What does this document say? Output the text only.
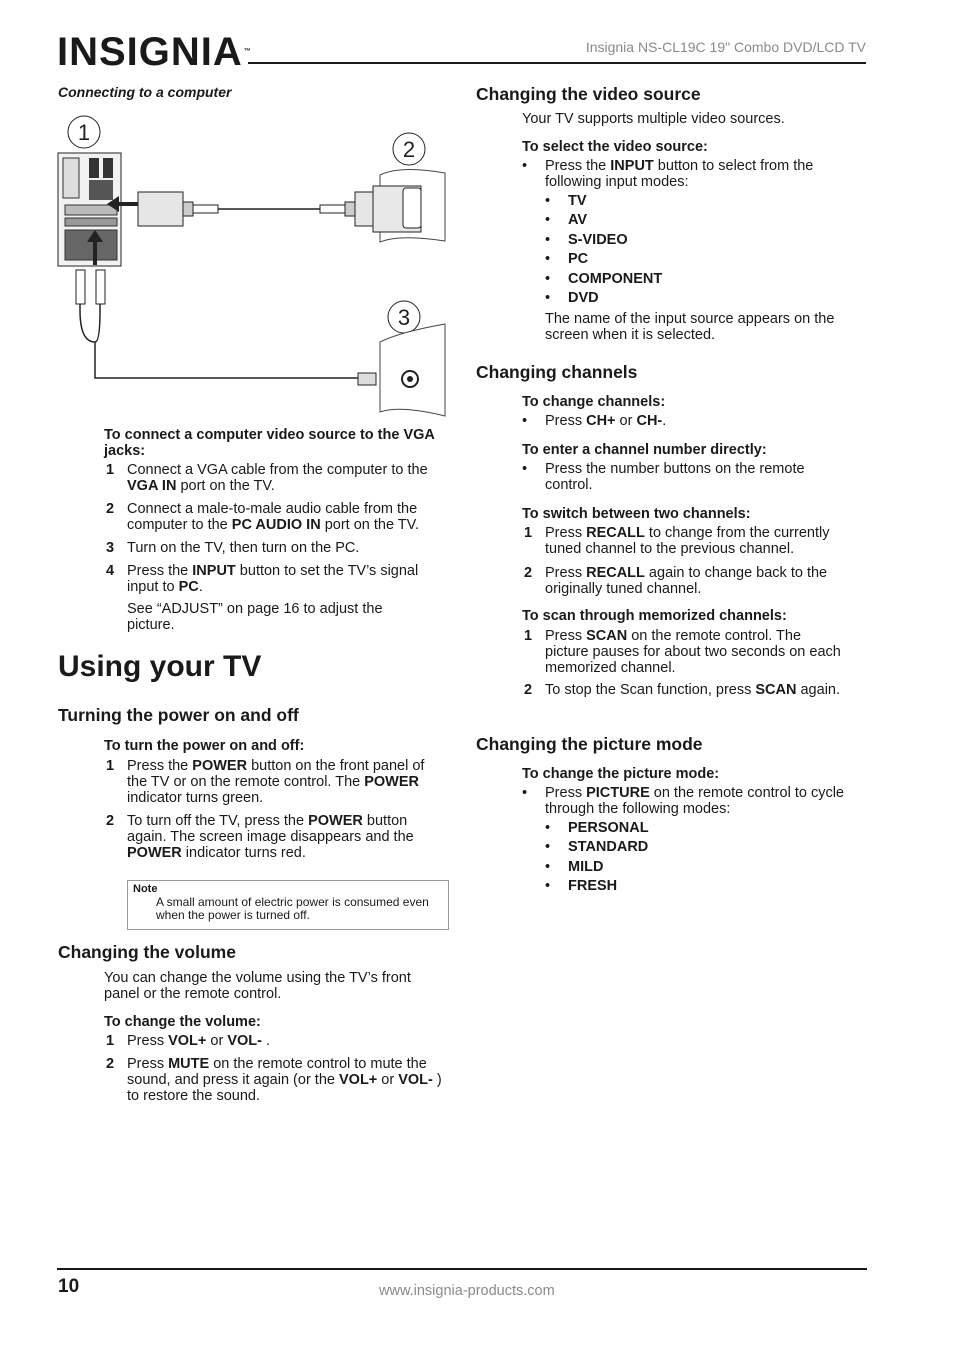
INSIGNIA™	Insignia NS-CL19C 19" Combo DVD/LCD TV
Connecting to a computer
1
2
3
To connect a computer video source to the VGA jacks:
1 Connect a VGA cable from the computer to the VGA IN port on the TV.
2 Connect a male-to-male audio cable from the computer to the PC AUDIO IN port on the TV.
3 Turn on the TV, then turn on the PC.
4 Press the INPUT button to set the TV’s signal input to PC.
See “ADJUST” on page 16 to adjust the picture.
Using your TV
Turning the power on and off
To turn the power on and off:
1 Press the POWER button on the front panel of the TV or on the remote control. The POWER indicator turns green.
2 To turn off the TV, press the POWER button again. The screen image disappears and the POWER indicator turns red.
Note
A small amount of electric power is consumed even when the power is turned off.
Changing the volume
You can change the volume using the TV’s front panel or the remote control.
To change the volume:
1 Press VOL+ or VOL- .
2 Press MUTE on the remote control to mute the sound, and press it again (or the VOL+ or VOL- ) to restore the sound.
Changing the video source
Your TV supports multiple video sources.
To select the video source:
• Press the INPUT button to select from the following input modes:
• TV
• AV
• S-VIDEO
• PC
• COMPONENT
• DVD
The name of the input source appears on the screen when it is selected.
Changing channels
To change channels:
• Press CH+ or CH-.
To enter a channel number directly:
• Press the number buttons on the remote control.
To switch between two channels:
1 Press RECALL to change from the currently tuned channel to the previous channel.
2 Press RECALL again to change back to the originally tuned channel.
To scan through memorized channels:
1 Press SCAN on the remote control. The picture pauses for about two seconds on each memorized channel.
2 To stop the Scan function, press SCAN again.
Changing the picture mode
To change the picture mode:
• Press PICTURE on the remote control to cycle through the following modes:
• PERSONAL
• STANDARD
• MILD
• FRESH
10	www.insignia-products.com
